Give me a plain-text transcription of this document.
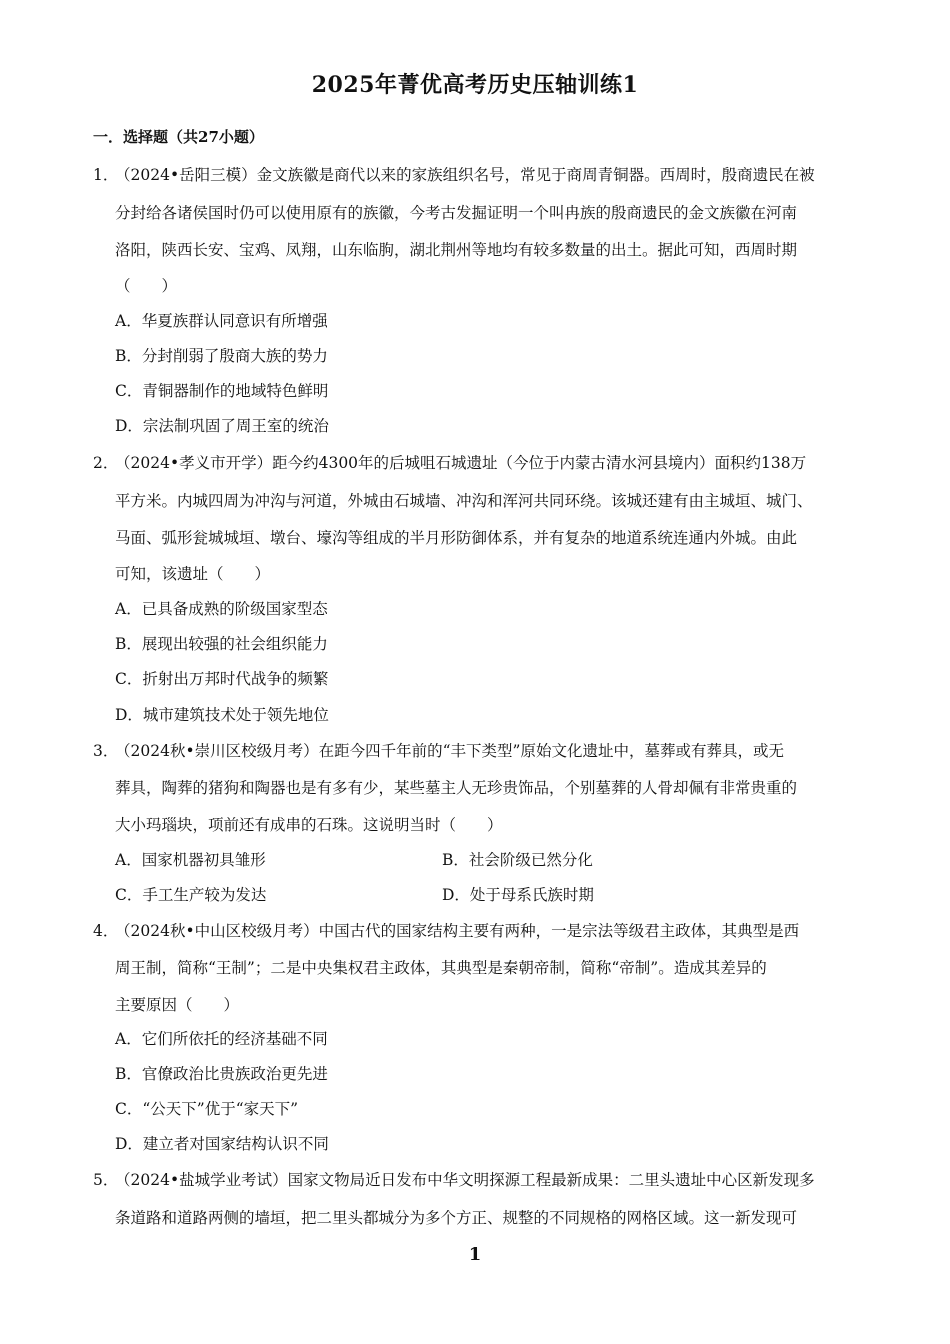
2025年菁优高考历史压轴训练1
一．选择题（共27小题）
1．
（2024•岳阳三模）金文族徽是商代以来的家族组织名号，常见于商周青铜器。西周时，殷商遗民在被
分封给各诸侯国时仍可以使用原有的族徽，今考古发掘证明一个叫冉族的殷商遗民的金文族徽在河南
洛阳，陕西长安、宝鸡、凤翔，山东临朐，湖北荆州等地均有较多数量的出土。据此可知，西周时期
（　　）
A．华夏族群认同意识有所增强
B．分封削弱了殷商大族的势力
C．青铜器制作的地域特色鲜明
D．宗法制巩固了周王室的统治
2．
（2024•孝义市开学）距今约4300年的后城咀石城遗址（今位于内蒙古清水河县境内）面积约138万
平方米。内城四周为冲沟与河道，外城由石城墙、冲沟和浑河共同环绕。该城还建有由主城垣、城门、
马面、弧形瓮城城垣、墩台、壕沟等组成的半月形防御体系，并有复杂的地道系统连通内外城。由此
可知，该遗址（　　）
A．已具备成熟的阶级国家型态
B．展现出较强的社会组织能力
C．折射出万邦时代战争的频繁
D．城市建筑技术处于领先地位
3．
（2024秋•崇川区校级月考）在距今四千年前的“丰下类型”原始文化遗址中，墓葬或有葬具，或无
葬具，陶葬的猪狗和陶器也是有多有少，某些墓主人无珍贵饰品，个别墓葬的人骨却佩有非常贵重的
大小玛瑙块，项前还有成串的石珠。这说明当时（　　）
A．国家机器初具雏形	B．社会阶级已然分化
C．手工生产较为发达	D．处于母系氏族时期
4．
（2024秋•中山区校级月考）中国古代的国家结构主要有两种，一是宗法等级君主政体，其典型是西
周王制，简称“王制”；二是中央集权君主政体，其典型是秦朝帝制，简称“帝制”。造成其差异的
主要原因（　　）
A．它们所依托的经济基础不同
B．官僚政治比贵族政治更先进
C．“公天下”优于“家天下”
D．建立者对国家结构认识不同
5．
（2024•盐城学业考试）国家文物局近日发布中华文明探源工程最新成果：二里头遗址中心区新发现多
条道路和道路两侧的墙垣，把二里头都城分为多个方正、规整的不同规格的网格区域。这一新发现可
1
